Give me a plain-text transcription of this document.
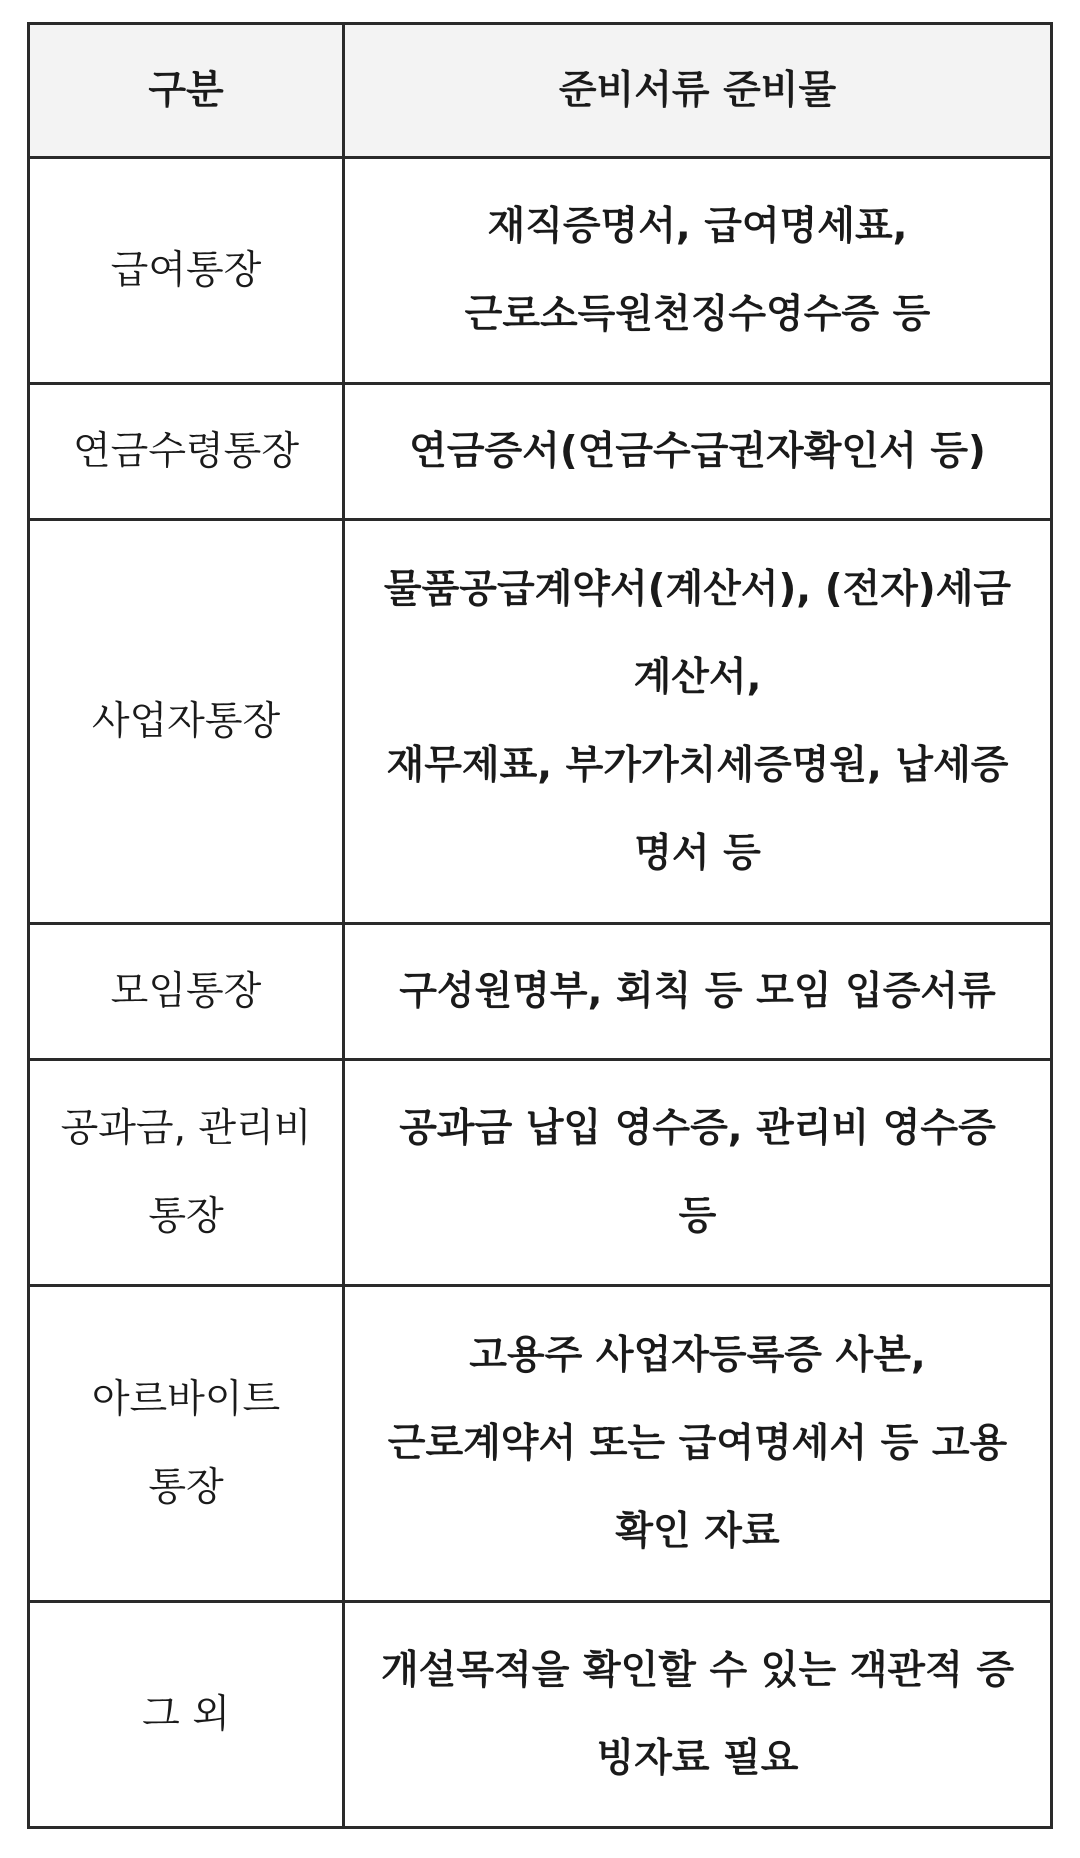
구분	준비서류 준비물
급여통장	재직증명서, 급여명세표,
근로소득원천징수영수증 등

연금수령통장	연금증서(연금수급권자확인서 등)

사업자통장	물품공급계약서(계산서), (전자)세금
계산서,
재무제표, 부가가치세증명원, 납세증
명서 등

모임통장	구성원명부, 회칙 등 모임 입증서류

공과금, 관리비 통장	공과금 납입 영수증, 관리비 영수증
등

아르바이트 통장	고용주 사업자등록증 사본,
근로계약서 또는 급여명세서 등 고용
확인 자료

그 외	개설목적을 확인할 수 있는 객관적 증
빙자료 필요
